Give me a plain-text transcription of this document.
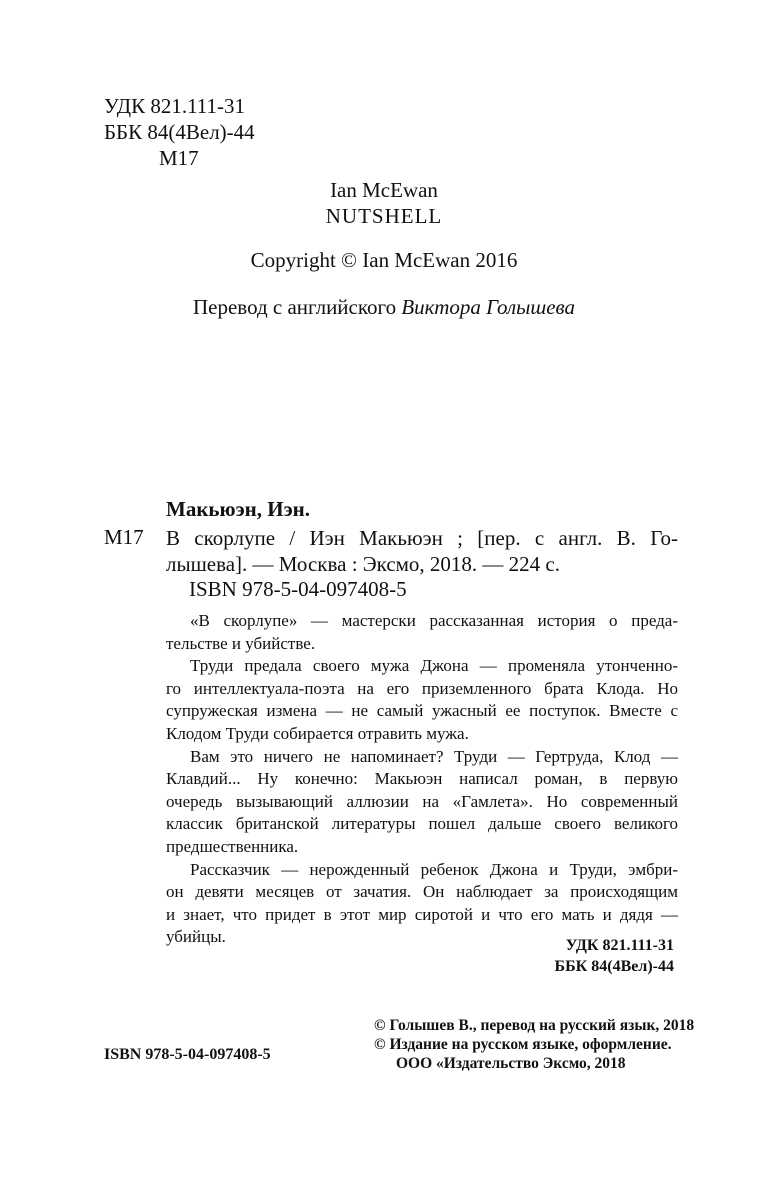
УДК 821.111-31
ББК 84(4Вел)-44
М17
Ian McEwan
NUTSHELL
Copyright © Ian McEwan 2016
Перевод с английского Виктора Голышева
Макьюэн, Иэн.
М17 В скорлупе / Иэн Макьюэн ; [пер. с англ. В. Го-
лышева]. — Москва : Эксмо, 2018. — 224 с.
ISBN 978-5-04-097408-5
«В скорлупе» — мастерски рассказанная история о преда-
тельстве и убийстве.
Труди предала своего мужа Джона — променяла утонченно-
го интеллектуала-поэта на его приземленного брата Клода. Но
супружеская измена — не самый ужасный ее поступок. Вместе с
Клодом Труди собирается отравить мужа.
Вам это ничего не напоминает? Труди — Гертруда, Клод —
Клавдий... Ну конечно: Макьюэн написал роман, в первую
очередь вызывающий аллюзии на «Гамлета». Но современный
классик британской литературы пошел дальше своего великого
предшественника.
Рассказчик — нерожденный ребенок Джона и Труди, эмбри-
он девяти месяцев от зачатия. Он наблюдает за происходящим
и знает, что придет в этот мир сиротой и что его мать и дядя —
убийцы.	УДК 821.111-31
ББК 84(4Вел)-44
© Голышев В., перевод на русский язык, 2018
© Издание на русском языке, оформление.
ООО «Издательство Эксмо, 2018
ISBN 978-5-04-097408-5
